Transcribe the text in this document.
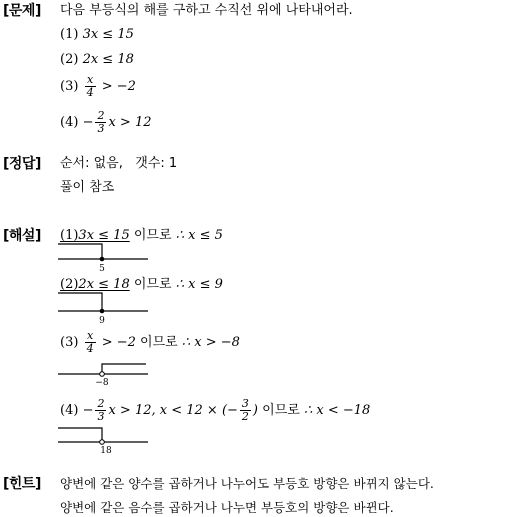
[문제] 다음 부등식의 해를 구하고 수직선 위에 나타내어라.
(1) 3x ≤ 15
(2) 2x ≤ 18
$(3) \frac{x}{4} > -2$
$(4) - \frac{2}{3}$ x > 12
[정답] 순서: 없음,   갯수: 1
풀이 참조
[해설] (1)3x ≤ 15 이므로 ∴ x ≤ 5
5
(2)2x ≤ 18 이므로 ∴ x ≤ 9
9
$(3) \frac{x}{4} > -2$ 이므로 ∴ x > −8
−8
$(4) - \frac{2}{3}$ x > 12, x < 12 × (− $\frac{3}{2}$ ) 이므로 ∴ x < −18
18
[힌트] 양변에 같은 양수를 곱하거나 나누어도 부등호 방향은 바뀌지 않는다.
양변에 같은 음수를 곱하거나 나누면 부등호의 방향은 바뀐다.
